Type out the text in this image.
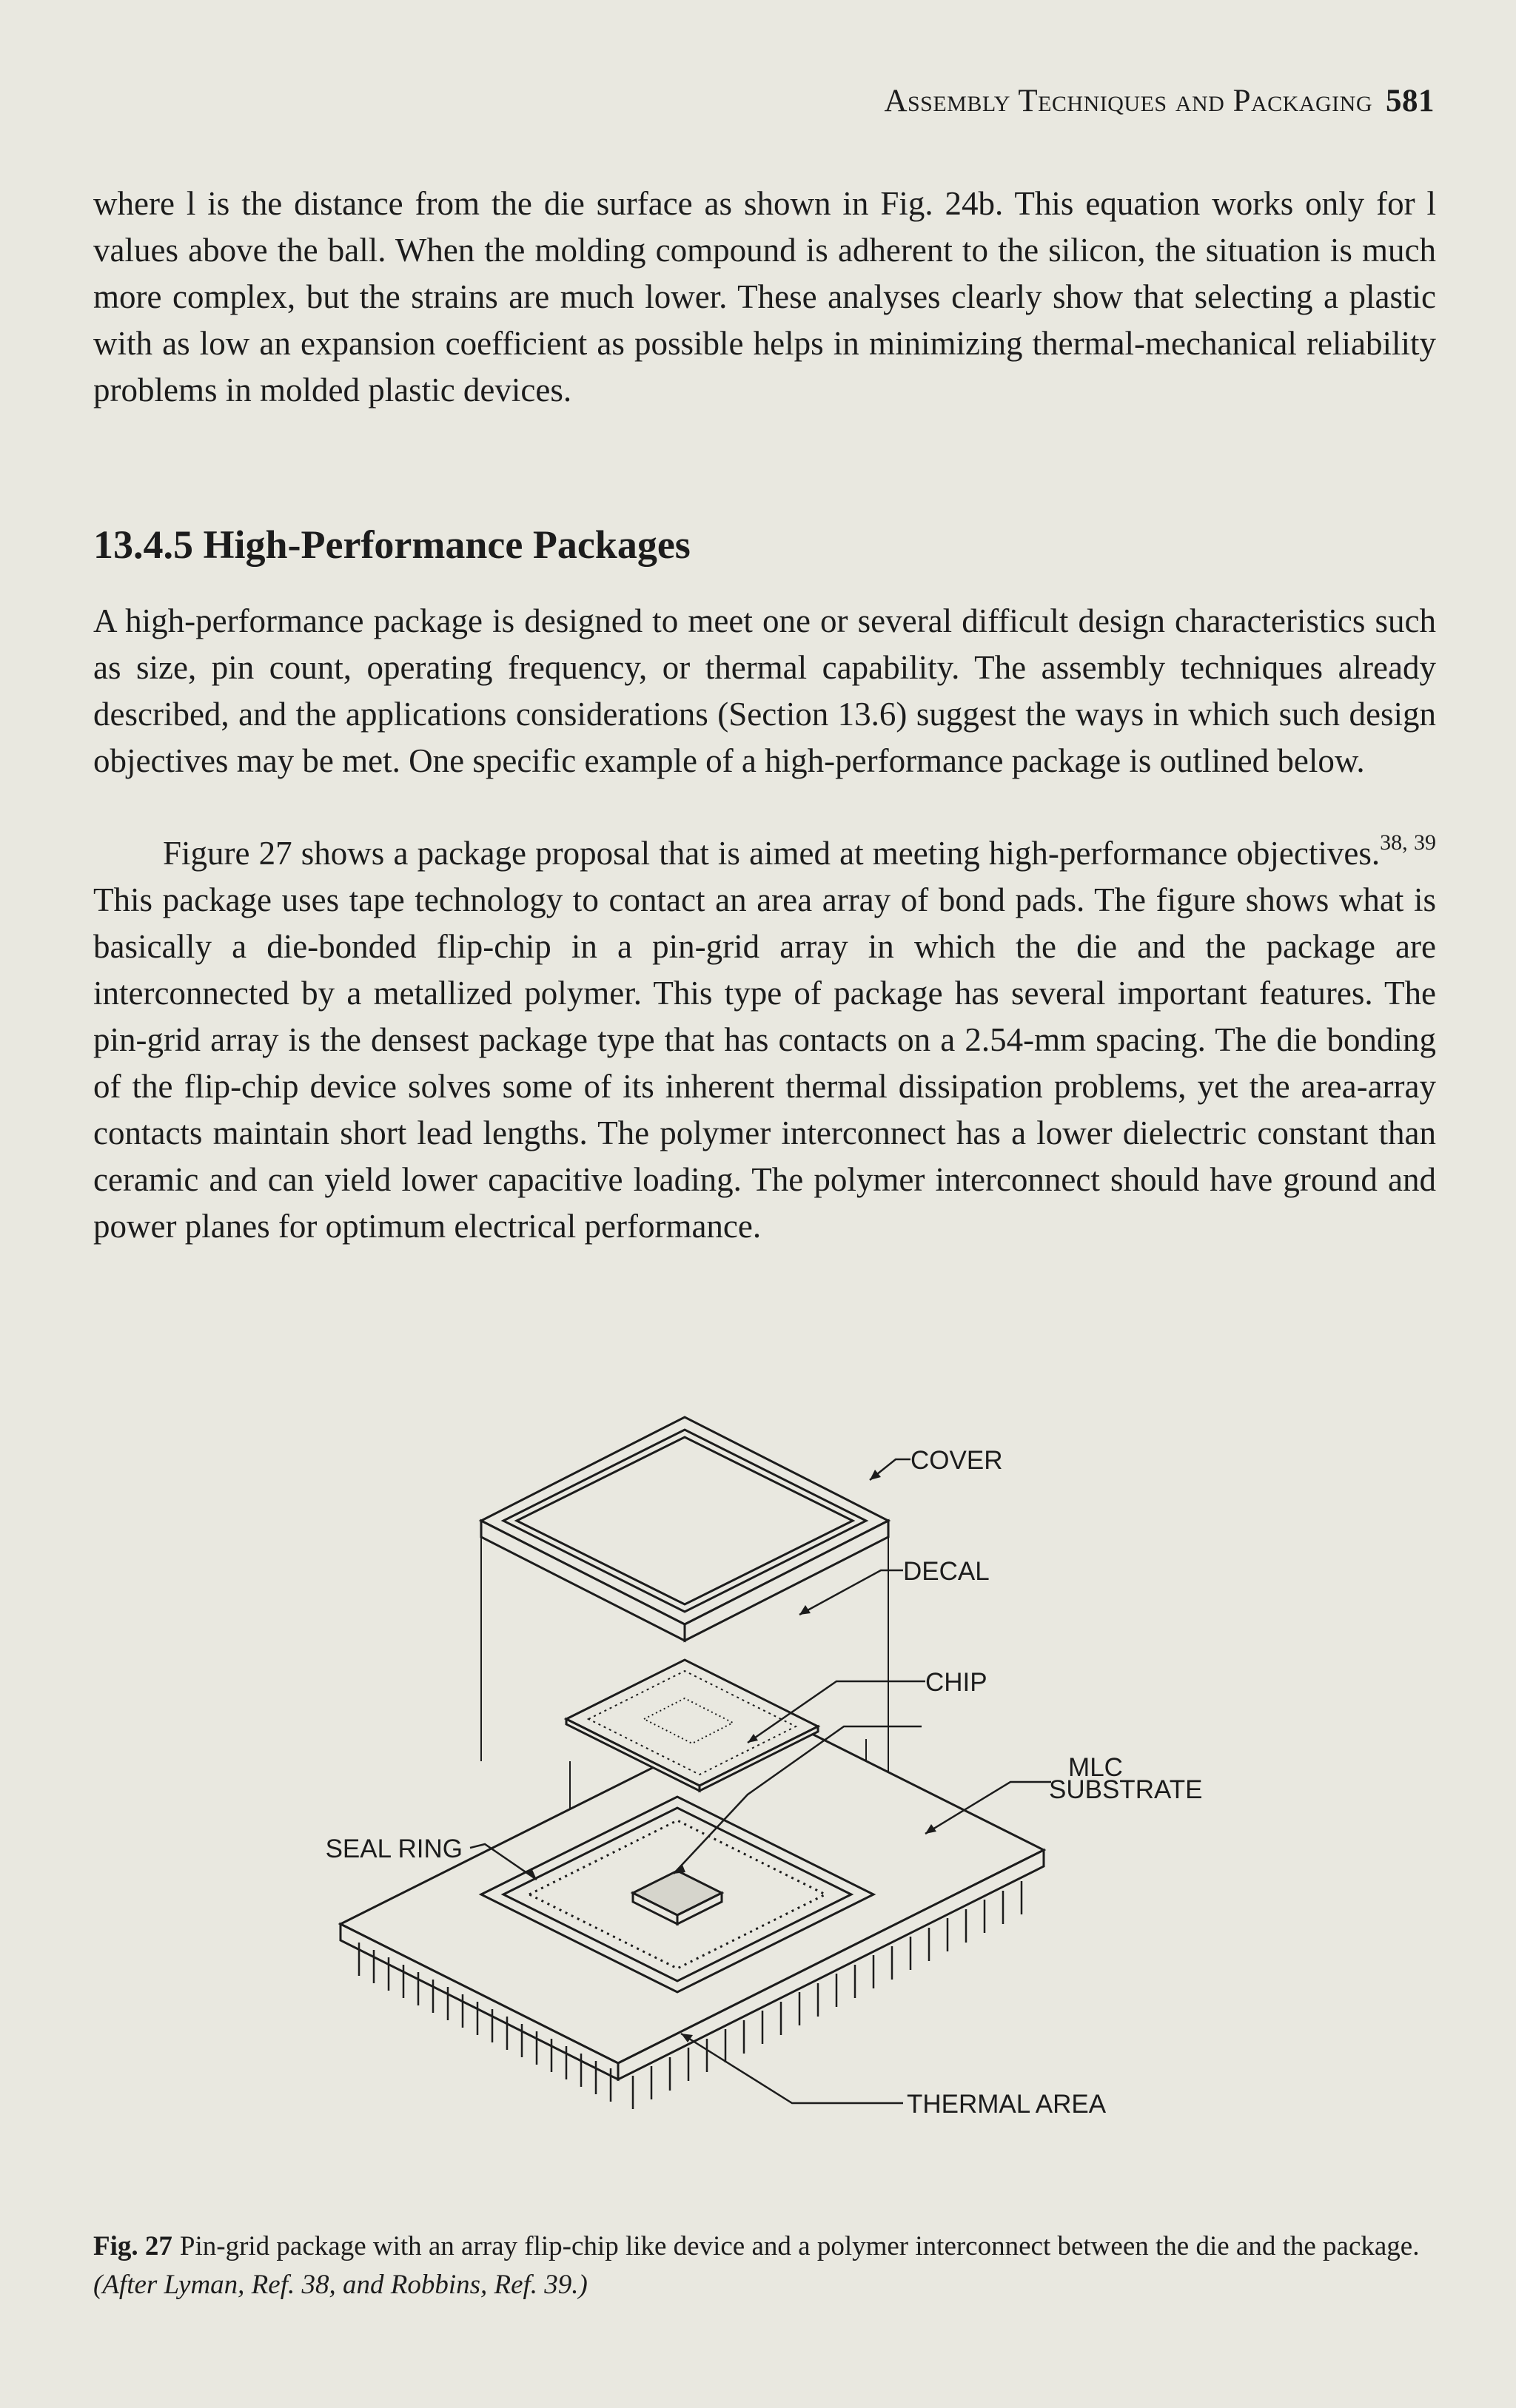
Assembly Techniques and Packaging 581
where l is the distance from the die surface as shown in Fig. 24b. This equation works only for l values above the ball. When the molding compound is adherent to the silicon, the situation is much more complex, but the strains are much lower. These analyses clearly show that selecting a plastic with as low an expansion coefficient as possible helps in minimizing thermal-mechanical reliability problems in molded plastic devices.
13.4.5 High-Performance Packages
A high-performance package is designed to meet one or several difficult design characteristics such as size, pin count, operating frequency, or thermal capability. The assembly techniques already described, and the applications considerations (Section 13.6) suggest the ways in which such design objectives may be met. One specific example of a high-performance package is outlined below.
Figure 27 shows a package proposal that is aimed at meeting high-performance objectives.$^{38, 39}$ This package uses tape technology to contact an area array of bond pads. The figure shows what is basically a die-bonded flip-chip in a pin-grid array in which the die and the package are interconnected by a metallized polymer. This type of package has several important features. The pin-grid array is the densest package type that has contacts on a 2.54-mm spacing. The die bonding of the flip-chip device solves some of its inherent thermal dissipation problems, yet the area-array contacts maintain short lead lengths. The polymer interconnect has a lower dielectric constant than ceramic and can yield lower capacitive loading. The polymer interconnect should have ground and power planes for optimum electrical performance.
COVER
DECAL
CHIP
MLC
SUBSTRATE
SEAL RING
THERMAL AREA
Fig. 27 Pin-grid package with an array flip-chip like device and a polymer interconnect between the die and the package. (After Lyman, Ref. 38, and Robbins, Ref. 39.)
